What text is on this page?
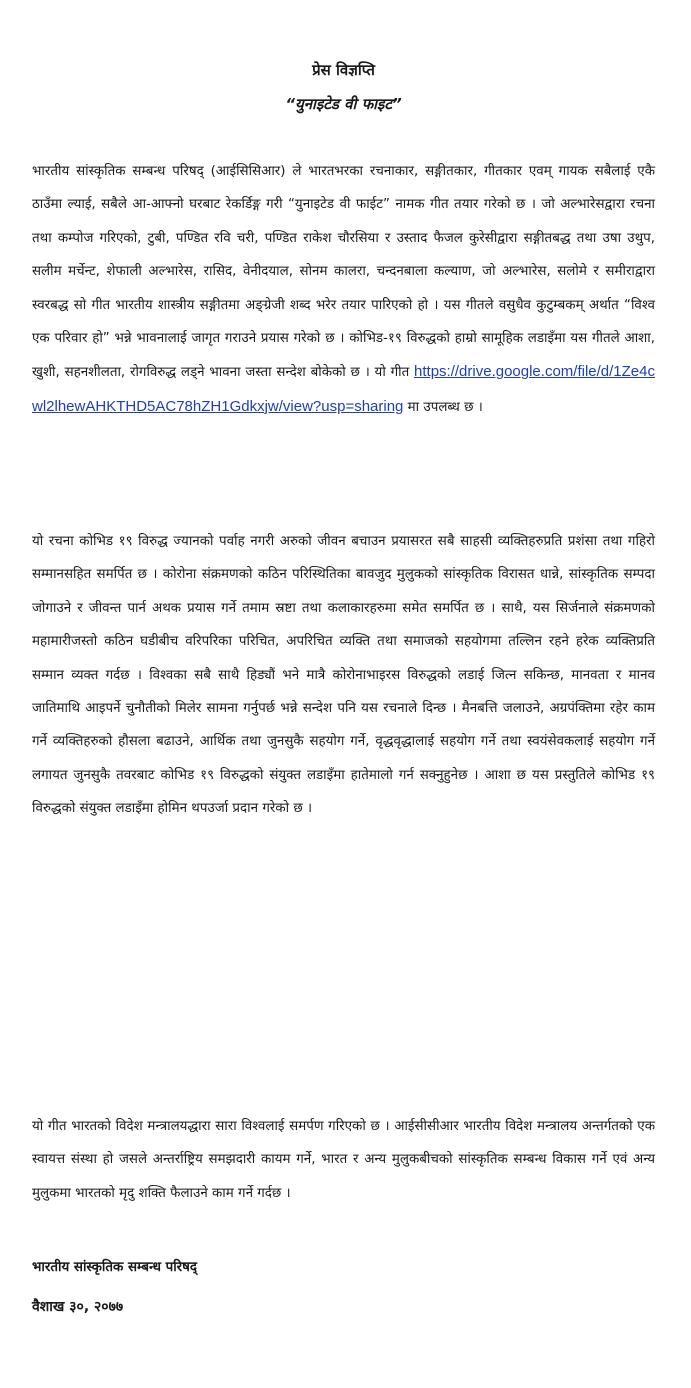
प्रेस विज्ञप्ति
“युनाइटेड वी फाइट”

भारतीय सांस्कृतिक सम्बन्ध परिषद् (आईसिसिआर) ले भारतभरका रचनाकार, सङ्गीतकार, गीतकार एवम् गायक सबैलाई एकै ठाउँमा ल्याई, सबैले आ-आफ्नो घरबाट रेकर्डिङ्ग गरी “युनाइटेड वी फाईट” नामक गीत तयार गरेको छ । जो अल्भारेसद्वारा रचना तथा कम्पोज गरिएको, टुबी, पण्डित रवि चरी, पण्डित राकेश चौरसिया र उस्ताद फैजल कुरेसीद्वारा सङ्गीतबद्ध तथा उषा उथुप, सलीम मर्चेन्ट, शेफाली अल्भारेस, रासिद, वेनीदयाल, सोनम कालरा, चन्दनबाला कल्याण, जो अल्भारेस, सलोमे र समीराद्वारा स्वरबद्ध सो गीत भारतीय शास्त्रीय सङ्गीतमा अङ्ग्रेजी शब्द भरेर तयार पारिएको हो । यस गीतले वसुधैव कुटुम्बकम् अर्थात “विश्व एक परिवार हो” भन्ने भावनालाई जागृत गराउने प्रयास गरेको छ । कोभिड-१९ विरुद्धको हाम्रो सामूहिक लडाइँमा यस गीतले आशा, खुशी, सहनशीलता, रोगविरुद्ध लड्ने भावना जस्ता सन्देश बोकेको छ । यो गीत https://drive.google.com/file/d/1Ze4cwl2lhewAHKTHD5AC78hZH1Gdkxjw/view?usp=sharing मा उपलब्ध छ ।

यो रचना कोभिड १९ विरुद्ध ज्यानको पर्वाह नगरी अरुको जीवन बचाउन प्रयासरत सबै साहसी व्यक्तिहरुप्रति प्रशंसा तथा गहिरो सम्मानसहित समर्पित छ । कोरोना संक्रमणको कठिन परिस्थितिका बावजुद मुलुकको सांस्कृतिक विरासत धान्ने, सांस्कृतिक सम्पदा जोगाउने र जीवन्त पार्न अथक प्रयास गर्ने तमाम स्रष्टा तथा कलाकारहरुमा समेत समर्पित छ । साथै, यस सिर्जनाले संक्रमणको महामारीजस्तो कठिन घडीबीच वरिपरिका परिचित, अपरिचित व्यक्ति तथा समाजको सहयोगमा तल्लिन रहने हरेक व्यक्तिप्रति सम्मान व्यक्त गर्दछ । विश्वका सबै साथै हिड्यौं भने मात्रै कोरोनाभाइरस विरुद्धको लडाई जित्न सकिन्छ, मानवता र मानव जातिमाथि आइपर्ने चुनौतीको मिलेर सामना गर्नुपर्छ भन्ने सन्देश पनि यस रचनाले दिन्छ । मैनबत्ति जलाउने, अग्रपंक्तिमा रहेर काम गर्ने व्यक्तिहरुको हौसला बढाउने, आर्थिक तथा जुनसुकै सहयोग गर्ने, वृद्धवृद्धालाई सहयोग गर्ने तथा स्वयंसेवकलाई सहयोग गर्ने लगायत जुनसुकै तवरबाट कोभिड १९ विरुद्धको संयुक्त लडाइँमा हातेमालो गर्न सक्नुहुनेछ । आशा छ यस प्रस्तुतिले कोभिड १९ विरुद्धको संयुक्त लडाइँमा होमिन थपउर्जा प्रदान गरेको छ ।

यो गीत भारतको विदेश मन्त्रालयद्धारा सारा विश्वलाई समर्पण गरिएको छ । आईसीसीआर भारतीय विदेश मन्त्रालय अन्तर्गतको एक स्वायत्त संस्था हो जसले अन्तर्राष्ट्रिय समझदारी कायम गर्ने, भारत र अन्य मुलुकबीचको सांस्कृतिक सम्बन्ध विकास गर्ने एवं अन्य मुलुकमा भारतको मृदु शक्ति फैलाउने काम गर्ने गर्दछ ।

भारतीय सांस्कृतिक सम्बन्ध परिषद्
वैशाख ३०, २०७७
